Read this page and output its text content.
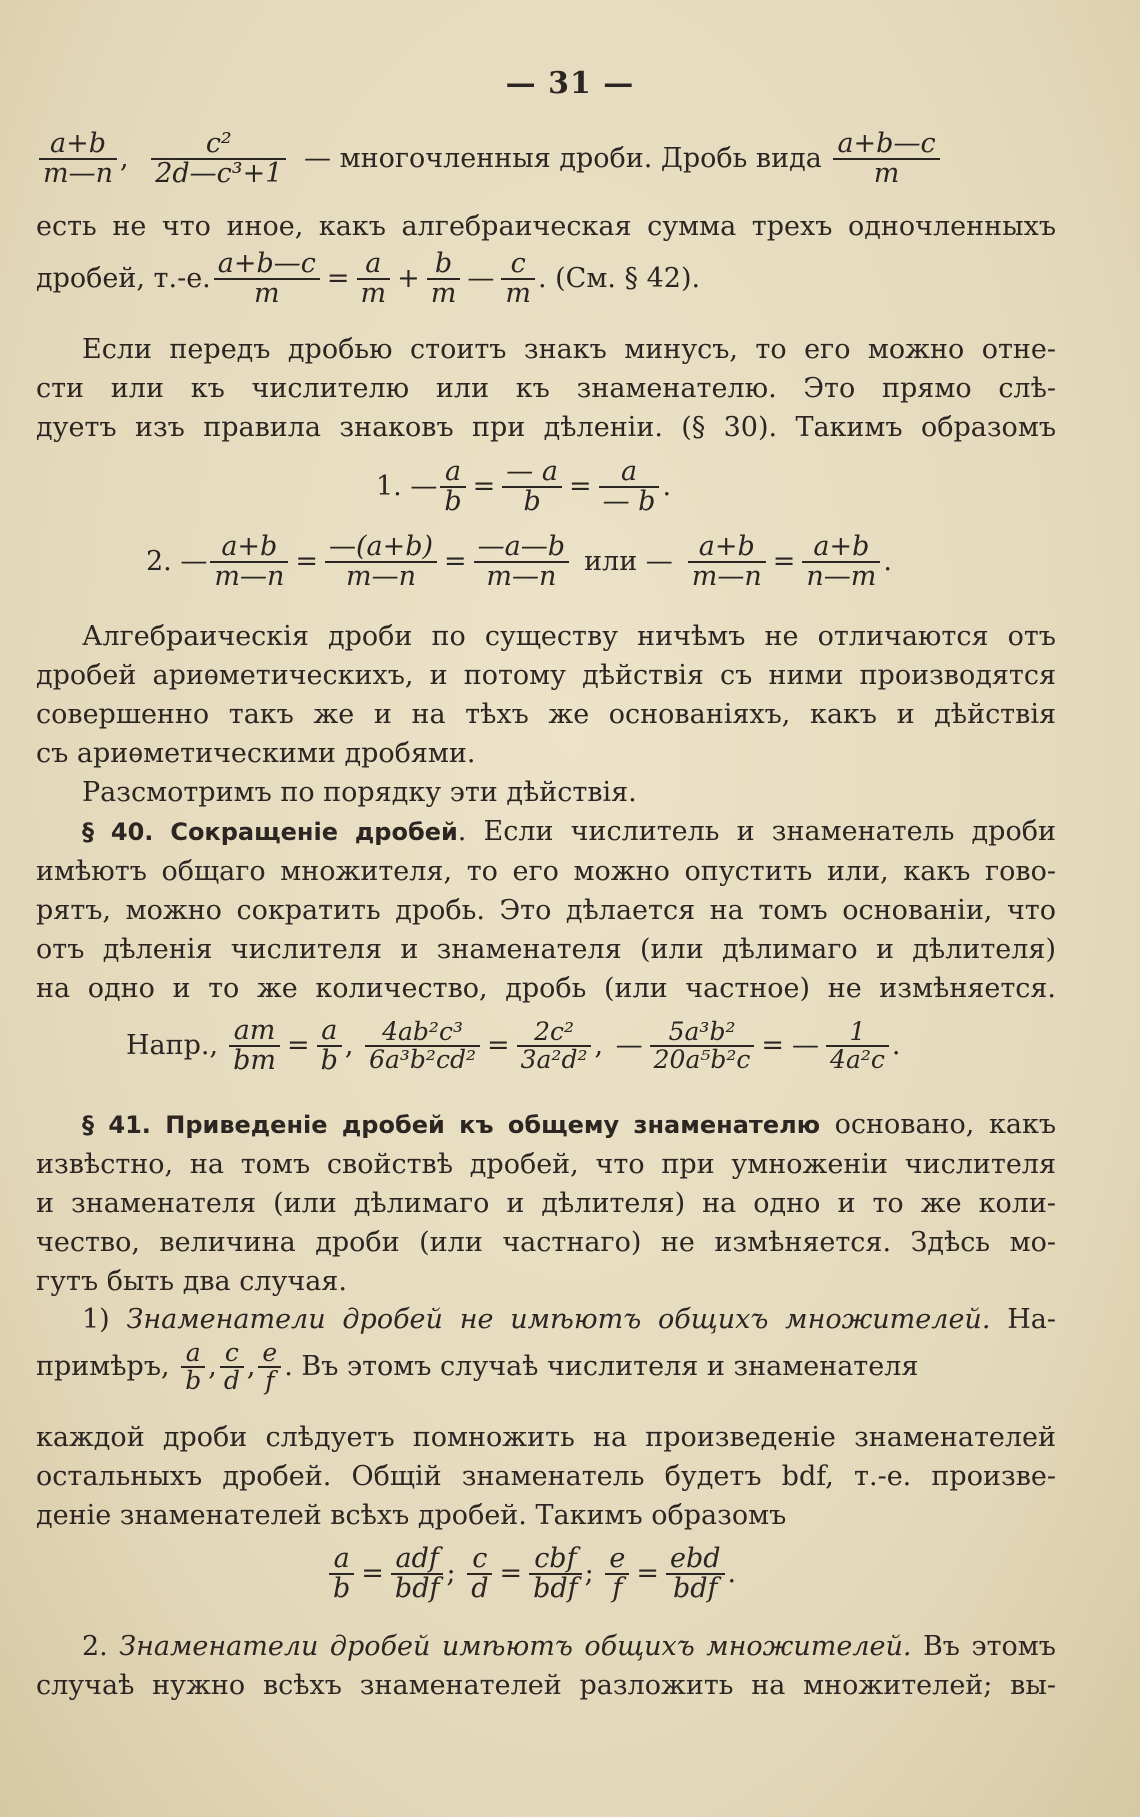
— 31 —
$\frac{a+b}{m—n}$ , $\frac{\text{c²}}{\text{2d—c³+1}}$ — многочленныя дроби. Дробь вида $\frac{a+b—c}{m}$
есть не что иное, какъ алгебраическая сумма трехъ одночленныхъ
дробей, т.-е. $\frac{a+b—c}{m} = \frac{a}{m} + \frac{b}{m}$ — $\frac{c}{m}$ . (См. § 42).
Если передъ дробью стоитъ знакъ минусъ, то его можно отне-
сти или къ числителю или къ знаменателю. Это прямо слѣ-
дуетъ изъ правила знаковъ при дѣленіи. (§ 30). Такимъ образомъ
1. — $\frac{a}{b} = \frac{— a}{b} = \frac{a}{— b}$ .
2. — $\frac{a+b}{m—n} = \frac{—(a+b)}{m—n} = \frac{—a—b}{m—n}$ или — $\frac{a+b}{m—n} = \frac{a+b}{n—m}$ .
Алгебраическія дроби по существу ничѣмъ не отличаются отъ
дробей ариѳметическихъ, и потому дѣйствія съ ними производятся
совершенно такъ же и на тѣхъ же основаніяхъ, какъ и дѣйствія
съ ариѳметическими дробями.
Разсмотримъ по порядку эти дѣйствія.
§ 40. Сокращеніе дробей. Если числитель и знаменатель дроби
имѣютъ общаго множителя, то его можно опустить или, какъ гово-
рятъ, можно сократить дробь. Это дѣлается на томъ основаніи, что
отъ дѣленія числителя и знаменателя (или дѣлимаго и дѣлителя)
на одно и то же количество, дробь (или частное) не измѣняется.
Напр., $\frac{am}{bm} = \frac{a}{b}$ , $\frac{\text{4ab²c³}}{\text{6a³b²cd²}} = \frac{\text{2c²}}{\text{3a²d²}}$ , — $\frac{\text{5a³b²}}{\text{20a⁵b²c}}$ = — $\frac{1}{\text{4a²c}}$ .
§ 41. Приведеніе дробей къ общему знаменателю основано, какъ
извѣстно, на томъ свойствѣ дробей, что при умноженіи числителя
и знаменателя (или дѣлимаго и дѣлителя) на одно и то же коли-
чество, величина дроби (или частнаго) не измѣняется. Здѣсь мо-
гутъ быть два случая.
1) Знаменатели дробей не имѣютъ общихъ множителей. На-
примѣръ, $\frac{a}{b}$ , $\frac{c}{d}$ , $\frac{e}{f}$ . Въ этомъ случаѣ числителя и знаменателя
каждой дроби слѣдуетъ помножить на произведеніе знаменателей
остальныхъ дробей. Общій знаменатель будетъ bdf, т.-е. произве-
деніе знаменателей всѣхъ дробей. Такимъ образомъ
$\frac{a}{b} = \frac{\text{adf}}{\text{bdf}}$ ; $\frac{c}{d} = \frac{\text{cbf}}{\text{bdf}}$ ; $\frac{e}{f} = \frac{\text{ebd}}{\text{bdf}}$ .
2. Знаменатели дробей имѣютъ общихъ множителей. Въ этомъ
случаѣ нужно всѣхъ знаменателей разложить на множителей; вы-
